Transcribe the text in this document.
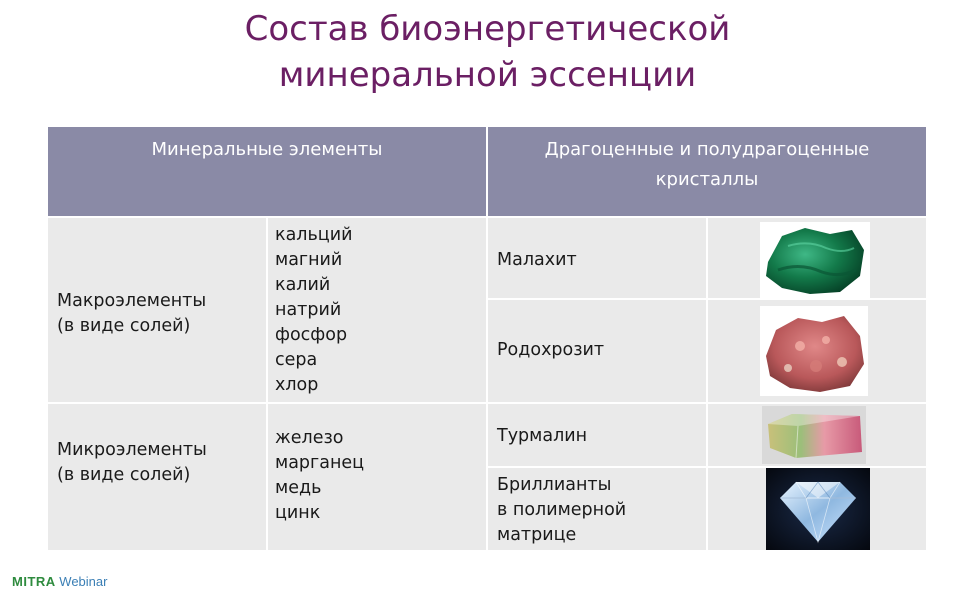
Состав биоэнергетической
минеральной эссенции
Минеральные элементы	Драгоценные и полудрагоценные кристаллы
Макроэлементы
(в виде солей)
кальций
магний
калий
натрий
фосфор
сера
хлор
Микроэлементы
(в виде солей)
железо
марганец
медь
цинк
Малахит
Родохрозит
Турмалин
Бриллианты
в полимерной
матрице
MITRA Webinar
